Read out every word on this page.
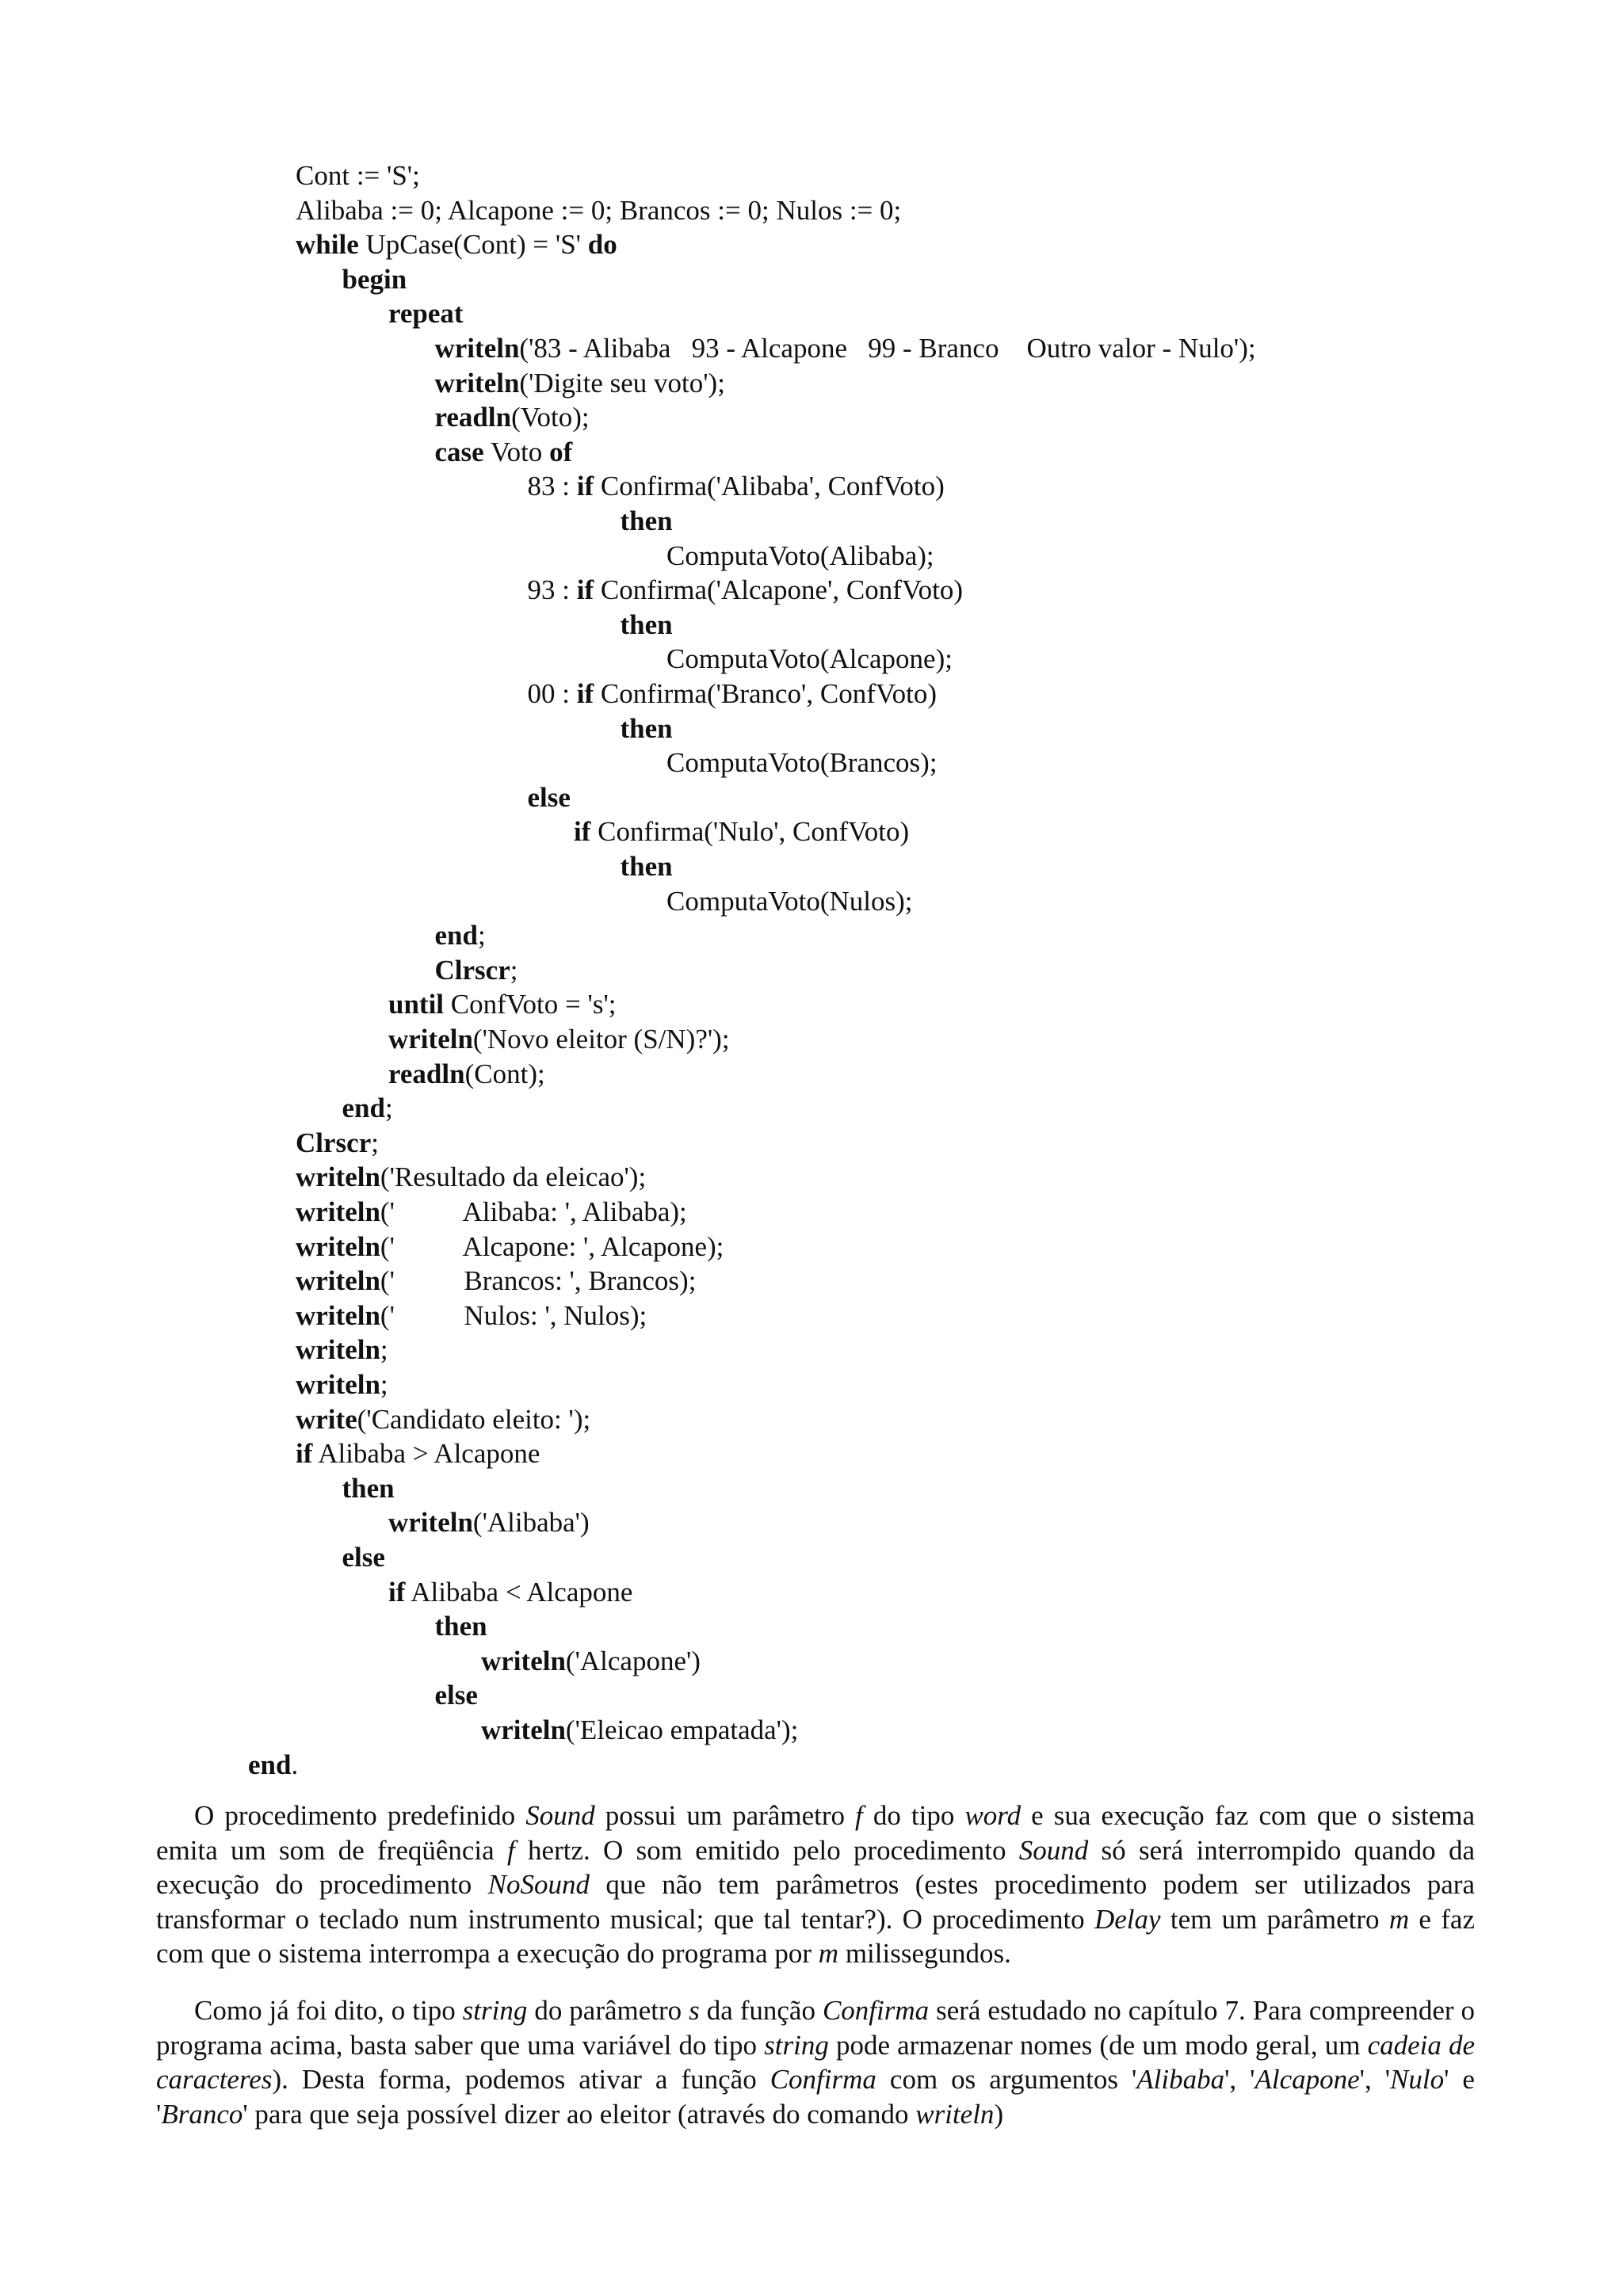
Cont := 'S';
Alibaba := 0; Alcapone := 0; Brancos := 0; Nulos := 0;
while UpCase(Cont) = 'S' do
begin
repeat
writeln('83 - Alibaba   93 - Alcapone   99 - Branco    Outro valor - Nulo');
writeln('Digite seu voto');
readln(Voto);
case Voto of
83 : if Confirma('Alibaba', ConfVoto)
then
ComputaVoto(Alibaba);
93 : if Confirma('Alcapone', ConfVoto)
then
ComputaVoto(Alcapone);
00 : if Confirma('Branco', ConfVoto)
then
ComputaVoto(Brancos);
else
if Confirma('Nulo', ConfVoto)
then
ComputaVoto(Nulos);
end;
Clrscr;
until ConfVoto = 's';
writeln('Novo eleitor (S/N)?');
readln(Cont);
end;
Clrscr;
writeln('Resultado da eleicao');
writeln('          Alibaba: ', Alibaba);
writeln('          Alcapone: ', Alcapone);
writeln('          Brancos: ', Brancos);
writeln('          Nulos: ', Nulos);
writeln;
writeln;
write('Candidato eleito: ');
if Alibaba > Alcapone
then
writeln('Alibaba')
else
if Alibaba < Alcapone
then
writeln('Alcapone')
else
writeln('Eleicao empatada');
end.

O procedimento predefinido Sound possui um parâmetro f do tipo word e sua execução faz com que o sistema emita um som de freqüência f hertz. O som emitido pelo procedimento Sound só será interrompido quando da execução do procedimento NoSound que não tem parâmetros (estes procedimento podem ser utilizados para transformar o teclado num instrumento musical; que tal tentar?). O procedimento Delay tem um parâmetro m e faz com que o sistema interrompa a execução do programa por m milissegundos.

Como já foi dito, o tipo string do parâmetro s da função Confirma será estudado no capítulo 7. Para compreender o programa acima, basta saber que uma variável do tipo string pode armazenar nomes (de um modo geral, um cadeia de caracteres). Desta forma, podemos ativar a função Confirma com os argumentos 'Alibaba', 'Alcapone', 'Nulo' e 'Branco' para que seja possível dizer ao eleitor (através do comando writeln)
